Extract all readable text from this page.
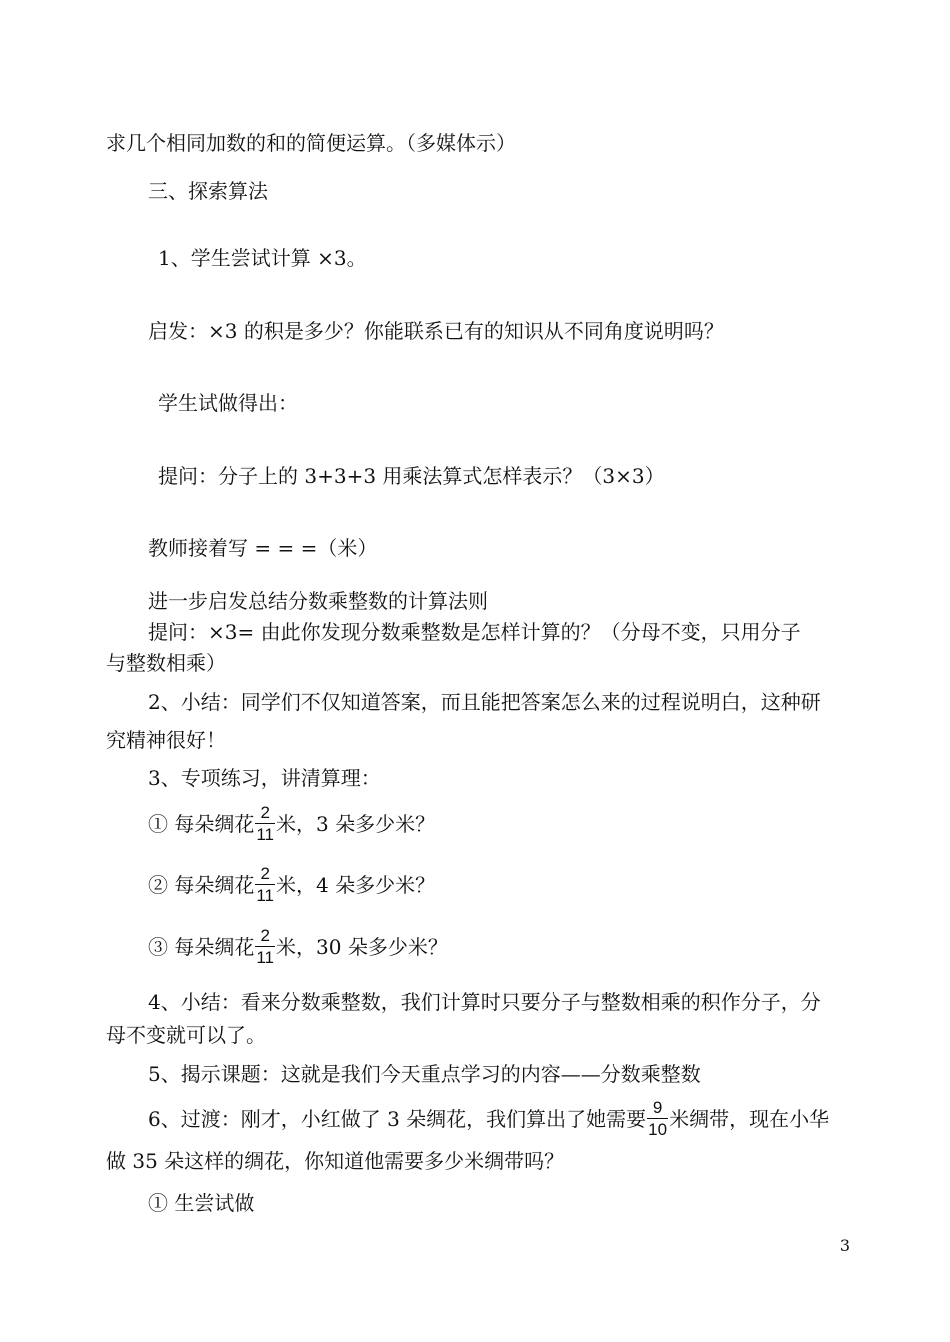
求几个相同加数的和的简便运算。（多媒体示）
三、探索算法
1、学生尝试计算 ×3。
启发：×3 的积是多少？你能联系已有的知识从不同角度说明吗？
学生试做得出：
提问：分子上的 3+3+3 用乘法算式怎样表示？（3×3）
教师接着写 = = =（米）
进一步启发总结分数乘整数的计算法则
提问：×3= 由此你发现分数乘整数是怎样计算的？（分母不变，只用分子
与整数相乘）
2、小结：同学们不仅知道答案，而且能把答案怎么来的过程说明白，这种研
究精神很好！
3、专项练习，讲清算理：
① 每朵绸花 $\frac{2}{11}$ 米，3 朵多少米？
② 每朵绸花 $\frac{2}{11}$ 米，4 朵多少米？
③ 每朵绸花 $\frac{2}{11}$ 米，30 朵多少米？
4、小结：看来分数乘整数，我们计算时只要分子与整数相乘的积作分子，分
母不变就可以了。
5、揭示课题：这就是我们今天重点学习的内容——分数乘整数
6、过渡：刚才，小红做了 3 朵绸花，我们算出了她需要 $\frac{9}{10}$ 米绸带，现在小华
做 35 朵这样的绸花，你知道他需要多少米绸带吗？
① 生尝试做
3
